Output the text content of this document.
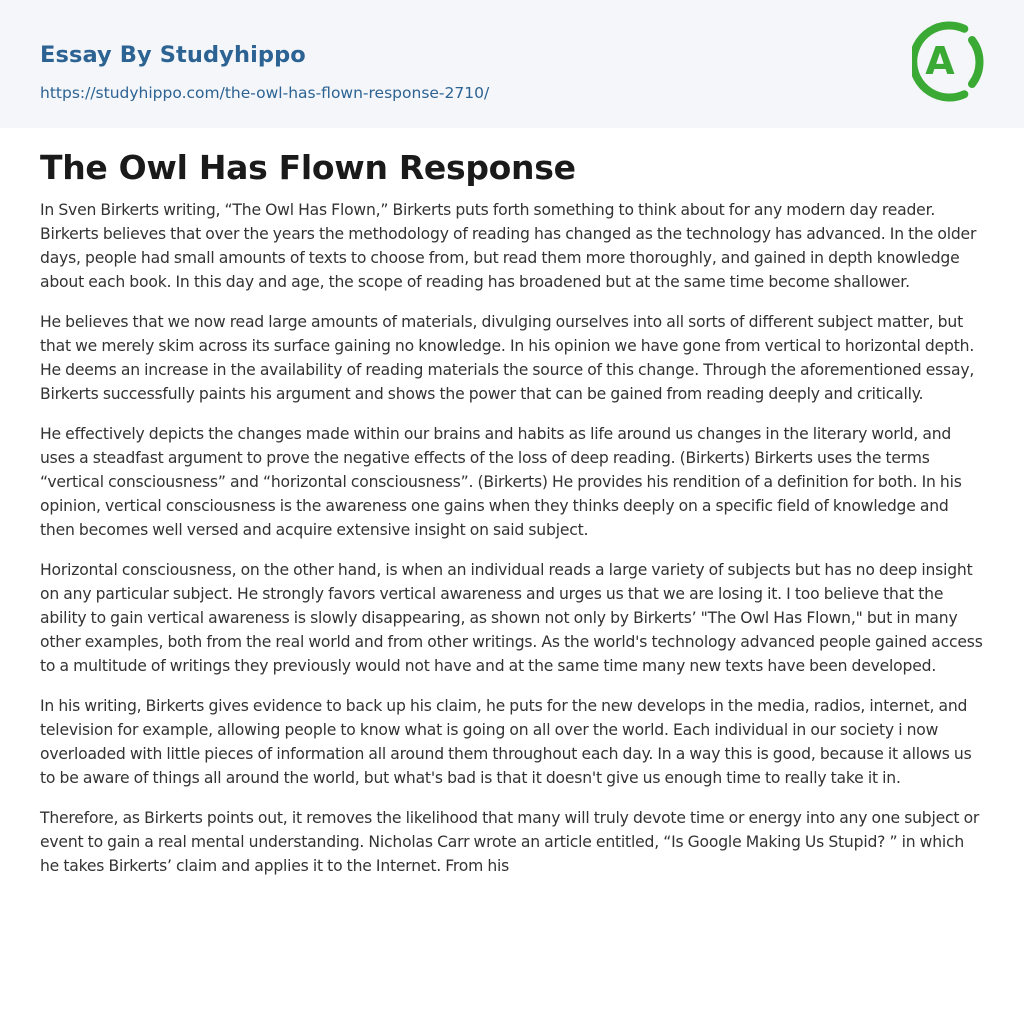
Essay By Studyhippo
https://studyhippo.com/the-owl-has-flown-response-2710/
A
The Owl Has Flown Response

In Sven Birkerts writing, “The Owl Has Flown,” Birkerts puts forth something to think about for any modern day reader. Birkerts believes that over the years the methodology of reading has changed as the technology has advanced. In the older days, people had small amounts of texts to choose from, but read them more thoroughly, and gained in depth knowledge about each book. In this day and age, the scope of reading has broadened but at the same time become shallower.

He believes that we now read large amounts of materials, divulging ourselves into all sorts of different subject matter, but that we merely skim across its surface gaining no knowledge. In his opinion we have gone from vertical to horizontal depth. He deems an increase in the availability of reading materials the source of this change. Through the aforementioned essay, Birkerts successfully paints his argument and shows the power that can be gained from reading deeply and critically.

He effectively depicts the changes made within our brains and habits as life around us changes in the literary world, and uses a steadfast argument to prove the negative effects of the loss of deep reading. (Birkerts) Birkerts uses the terms “vertical consciousness” and “horizontal consciousness”. (Birkerts) He provides his rendition of a definition for both. In his opinion, vertical consciousness is the awareness one gains when they thinks deeply on a specific field of knowledge and then becomes well versed and acquire extensive insight on said subject.

Horizontal consciousness, on the other hand, is when an individual reads a large variety of subjects but has no deep insight on any particular subject. He strongly favors vertical awareness and urges us that we are losing it. I too believe that the ability to gain vertical awareness is slowly disappearing, as shown not only by Birkerts’ "The Owl Has Flown," but in many other examples, both from the real world and from other writings. As the world's technology advanced people gained access to a multitude of writings they previously would not have and at the same time many new texts have been developed.

In his writing, Birkerts gives evidence to back up his claim, he puts for the new develops in the media, radios, internet, and television for example, allowing people to know what is going on all over the world. Each individual in our society i now overloaded with little pieces of information all around them throughout each day. In a way this is good, because it allows us to be aware of things all around the world, but what's bad is that it doesn't give us enough time to really take it in.

Therefore, as Birkerts points out, it removes the likelihood that many will truly devote time or energy into any one subject or event to gain a real mental understanding. Nicholas Carr wrote an article entitled, “Is Google Making Us Stupid? ” in which he takes Birkerts’ claim and applies it to the Internet. From his
